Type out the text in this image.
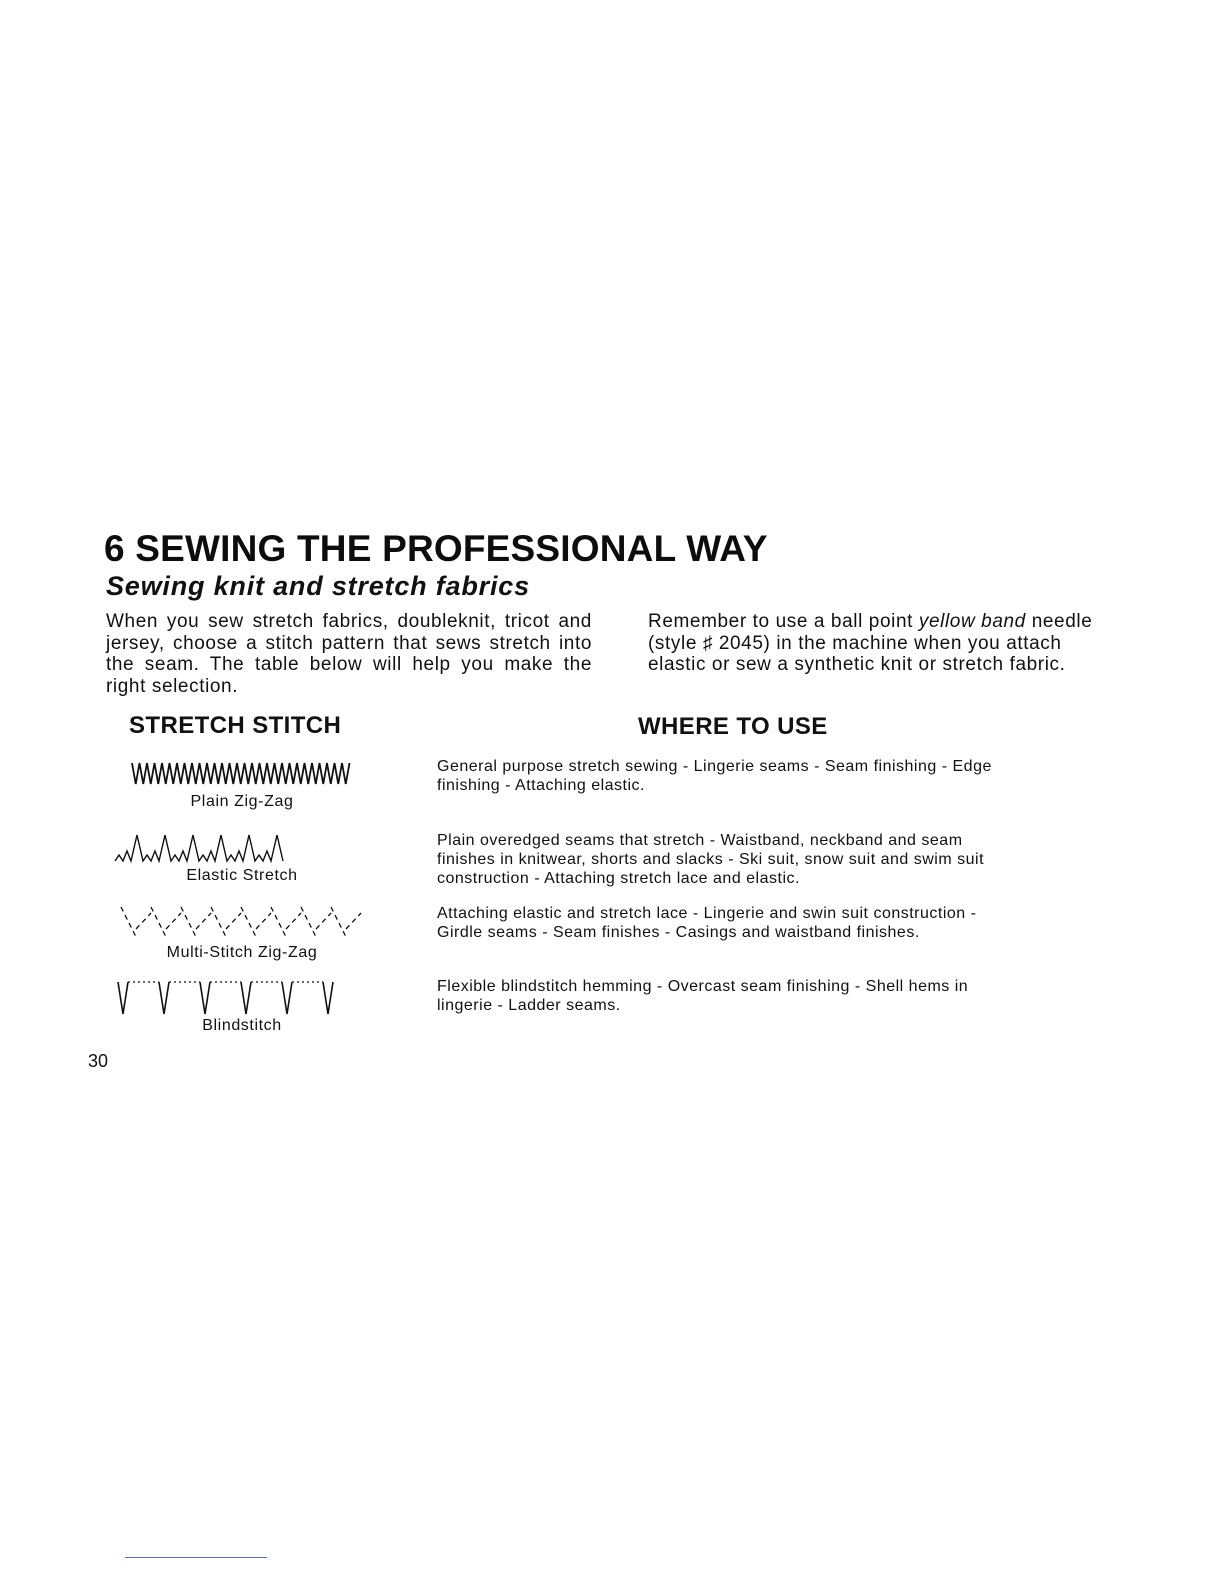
6 SEWING THE PROFESSIONAL WAY
Sewing knit and stretch fabrics
When you sew stretch fabrics, doubleknit, tricot and jersey, choose a stitch pattern that sews stretch into the seam. The table below will help you make the right selection.

Remember to use a ball point yellow band needle

(style ♯ 2045) in the machine when you attach

elastic or sew a synthetic knit or stretch fabric.

STRETCH STITCH	WHERE TO USE
Plain Zig-Zag

General purpose stretch sewing - Lingerie seams - Seam finishing - Edge
finishing - Attaching elastic.

Elastic Stretch

Plain overedged seams that stretch - Waistband, neckband and seam
finishes in knitwear, shorts and slacks - Ski suit, snow suit and swim suit
construction - Attaching stretch lace and elastic.

Multi-Stitch Zig-Zag

Attaching elastic and stretch lace - Lingerie and swin suit construction -
Girdle seams - Seam finishes - Casings and waistband finishes.

Blindstitch

Flexible blindstitch hemming - Overcast seam finishing - Shell hems in
lingerie - Ladder seams.

30
